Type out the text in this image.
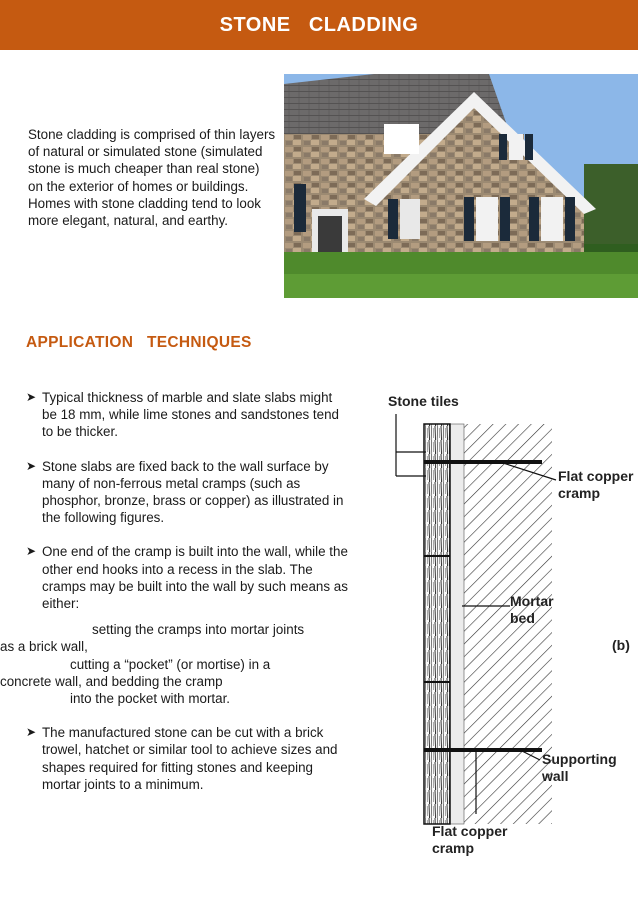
STONE   CLADDING
Stone cladding is comprised of thin layers of natural or simulated stone (simulated stone is much cheaper than real stone) on the exterior of homes or buildings. Homes with stone cladding tend to look more elegant, natural, and earthy.
APPLICATION   TECHNIQUES
➤ Typical thickness of marble and slate slabs might be 18 mm, while lime stones and sandstones tend to be thicker.
➤ Stone slabs are fixed back to the wall surface by many of non-ferrous metal cramps (such as phosphor, bronze, brass or copper) as illustrated in the following figures.
➤ One end of the cramp is built into the wall, while the other end hooks into a recess in the slab. The cramps may be built into the wall by such means as either:
setting the cramps into mortar joints
as a brick wall,
cutting a “pocket” (or mortise) in a
concrete wall, and bedding the cramp
into the pocket with mortar.
➤ The manufactured stone can be cut with a brick trowel, hatchet or similar tool to achieve sizes and shapes required for fitting stones and keeping mortar joints to a minimum.
Stone tiles
Flat copper
cramp
Mortar
bed
(b)
Supporting
wall
Flat copper
cramp
